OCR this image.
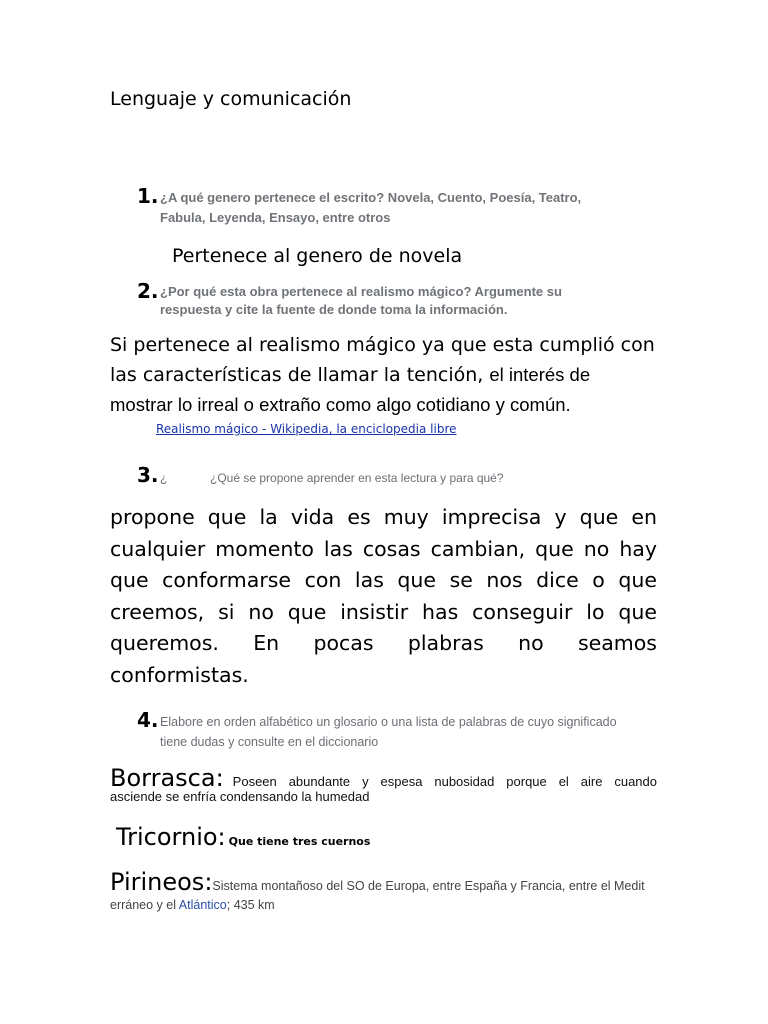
Lenguaje y comunicación
1. ¿A qué genero pertenece el escrito? Novela, Cuento, Poesía, Teatro,
Fabula, Leyenda, Ensayo, entre otros
Pertenece al genero de novela
2. ¿Por qué esta obra pertenece al realismo mágico? Argumente su
respuesta y cite la fuente de donde toma la información.
Si pertenece al realismo mágico ya que esta cumplió con
las características de llamar la tención, el interés de
mostrar lo irreal o extraño como algo cotidiano y común.
Realismo mágico - Wikipedia, la enciclopedia libre
3. ¿	¿Qué se propone aprender en esta lectura y para qué?
propone que la vida es muy imprecisa y que en cualquier momento las cosas cambian, que no hay que conformarse con las que se nos dice o que creemos, si no que insistir has conseguir lo que queremos. En pocas plabras no seamos conformistas.
4. Elabore en orden alfabético un glosario o una lista de palabras de cuyo significado
tiene dudas y consulte en el diccionario
Borrasca: Poseen abundante y espesa nubosidad porque el aire cuando
asciende se enfría condensando la humedad
Tricornio: Que tiene tres cuernos
Pirineos: Sistema montañoso del SO de Europa, entre España y Francia, entre el Medit
erráneo y el Atlántico; 435 km
